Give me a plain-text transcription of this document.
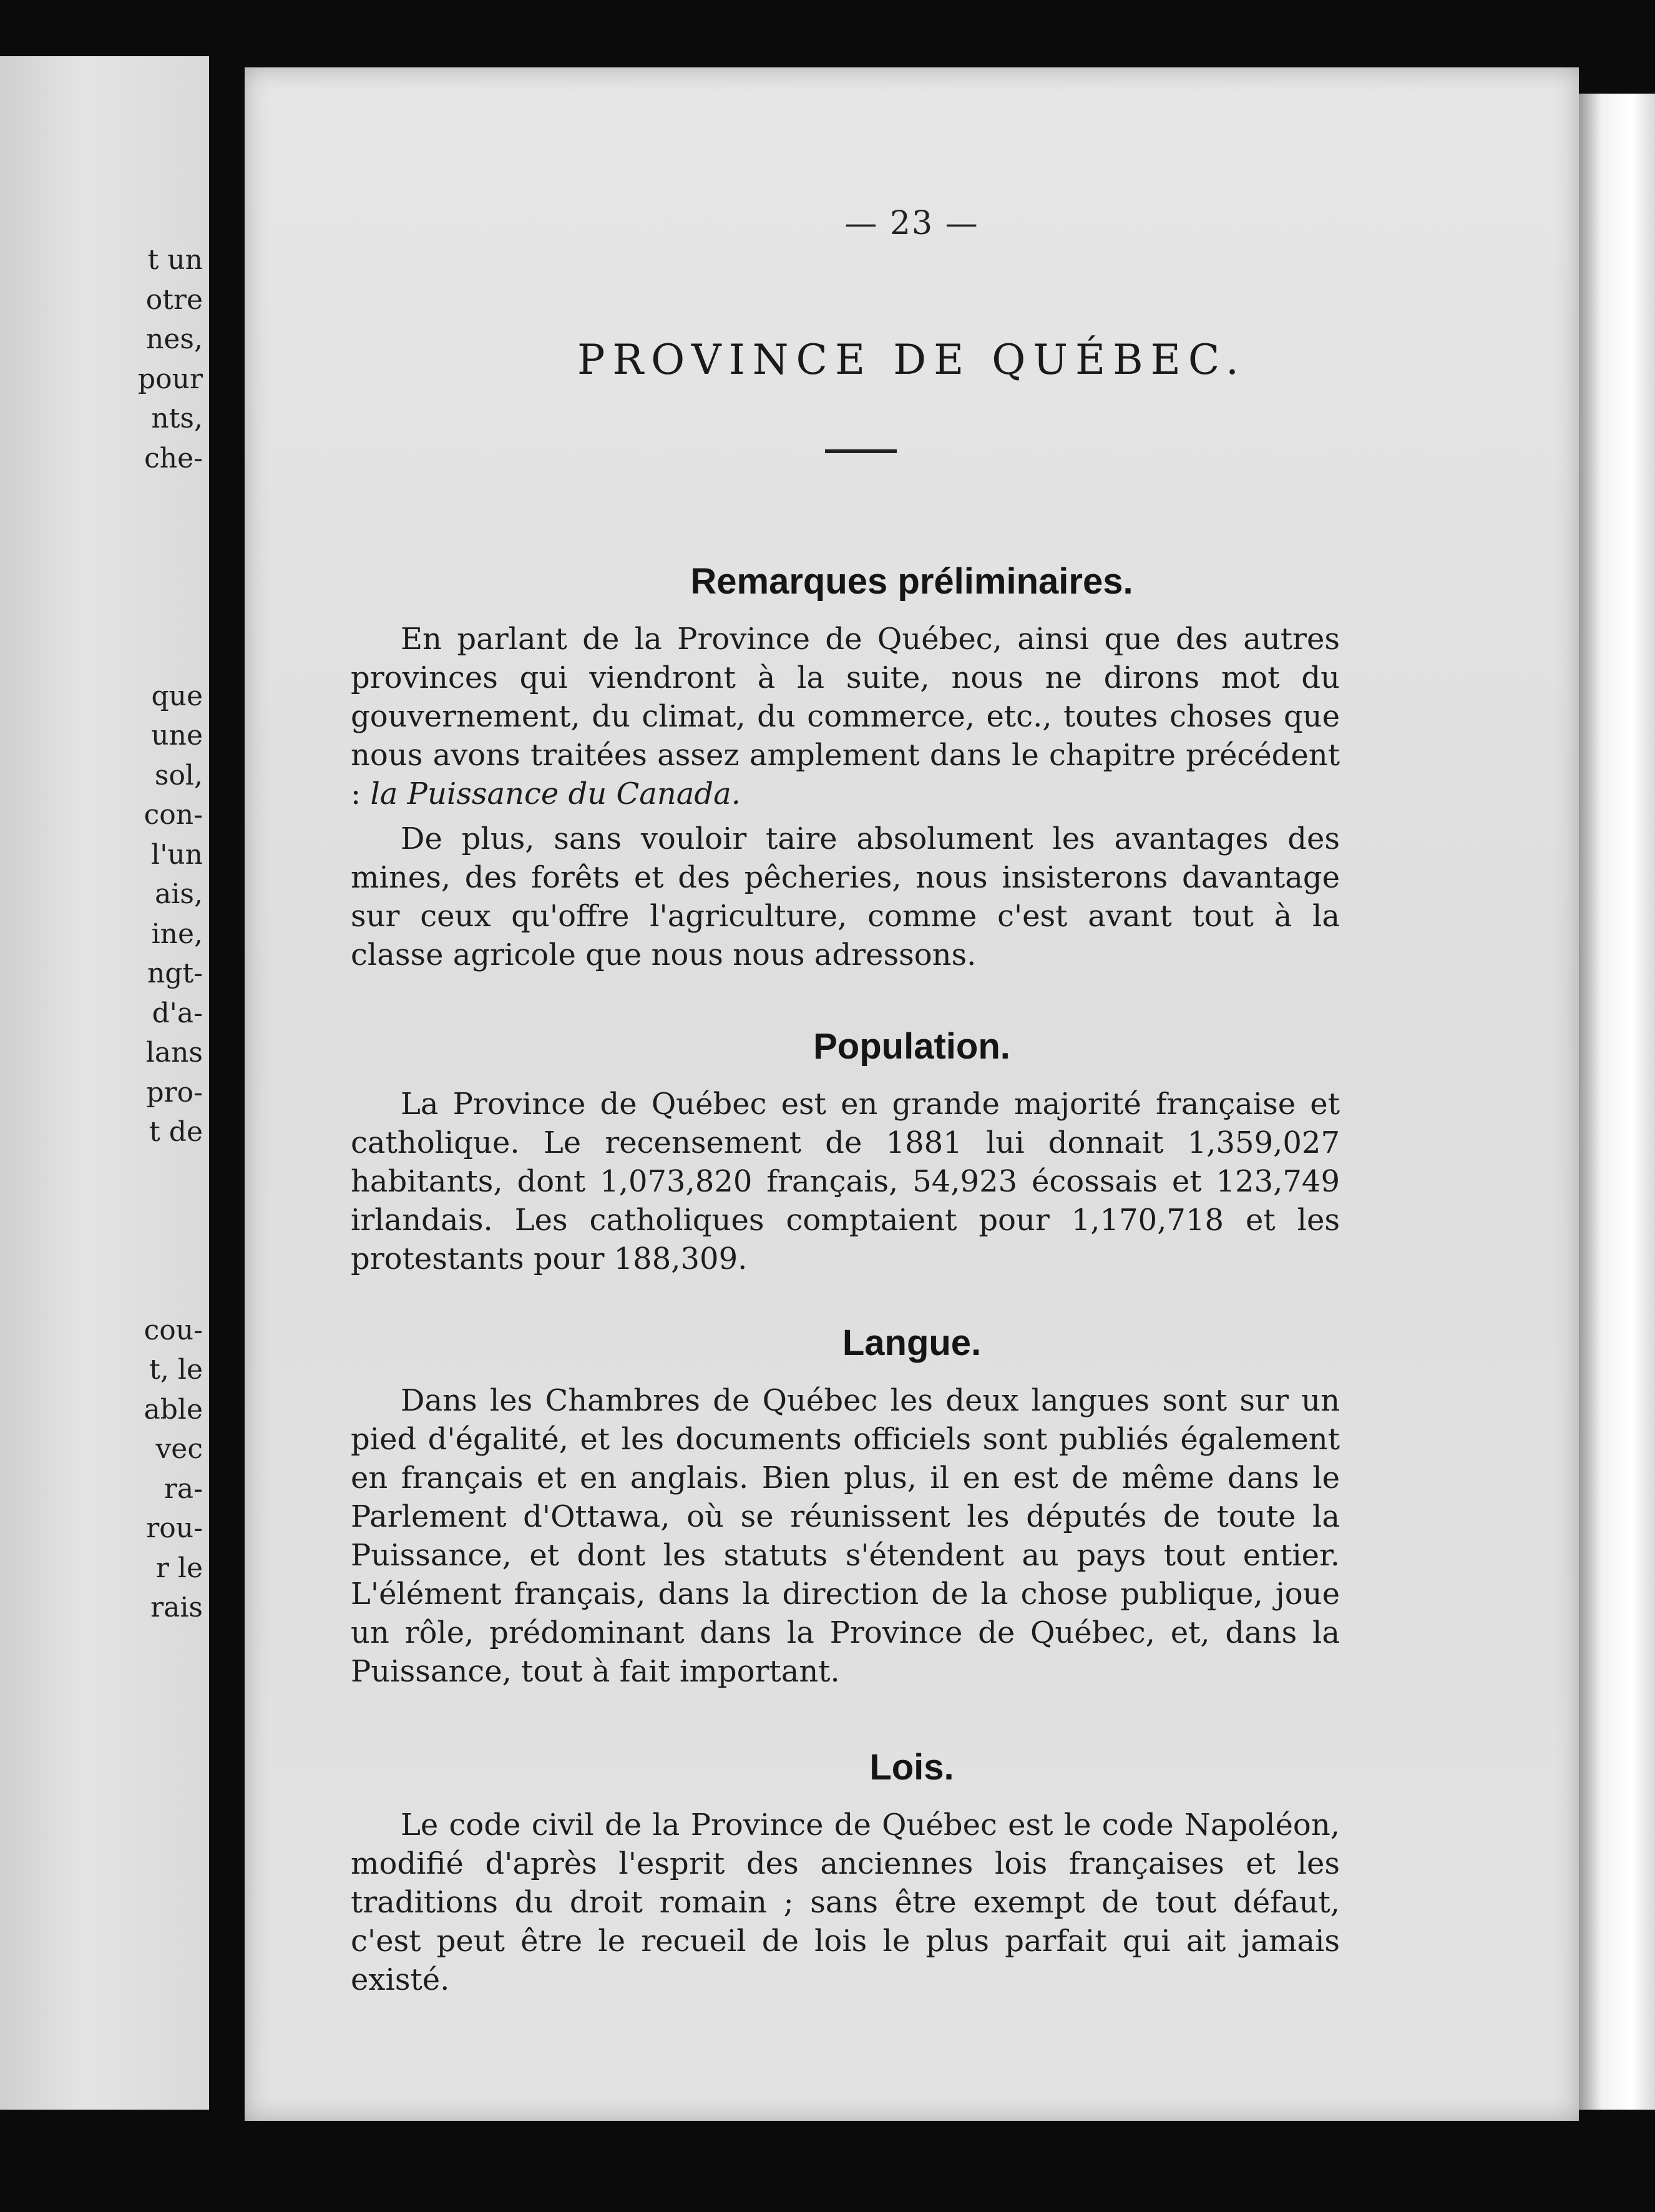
t un
otre
nes,
pour
nts,
che-
que
une
sol,
con-
l'un
ais,
ine,
ngt-
d'a-
lans
pro-
t de
cou-
t, le
able
vec
ra-
rou-
r le
rais
— 23 —
PROVINCE DE QUÉBEC.
Remarques préliminaires.

En parlant de la Province de Québec, ainsi que des autres provinces qui viendront à la suite, nous ne dirons mot du gouvernement, du climat, du commerce, etc., toutes choses que nous avons traitées assez amplement dans le chapitre précédent : la Puissance du Canada.

De plus, sans vouloir taire absolument les avantages des mines, des forêts et des pêcheries, nous insisterons davantage sur ceux qu'offre l'agriculture, comme c'est avant tout à la classe agricole que nous nous adressons.

Population.

La Province de Québec est en grande majorité française et catholique. Le recensement de 1881 lui donnait 1,359,027 habitants, dont 1,073,820 français, 54,923 écossais et 123,749 irlandais. Les catholiques comptaient pour 1,170,718 et les protestants pour 188,309.

Langue.

Dans les Chambres de Québec les deux langues sont sur un pied d'égalité, et les documents officiels sont publiés également en français et en anglais. Bien plus, il en est de même dans le Parlement d'Ottawa, où se réunissent les députés de toute la Puissance, et dont les statuts s'étendent au pays tout entier. L'élément français, dans la direction de la chose publique, joue un rôle, prédominant dans la Province de Québec, et, dans la Puissance, tout à fait important.

Lois.

Le code civil de la Province de Québec est le code Napoléon, modifié d'après l'esprit des anciennes lois françaises et les traditions du droit romain ; sans être exempt de tout défaut, c'est peut être le recueil de lois le plus parfait qui ait jamais existé.
